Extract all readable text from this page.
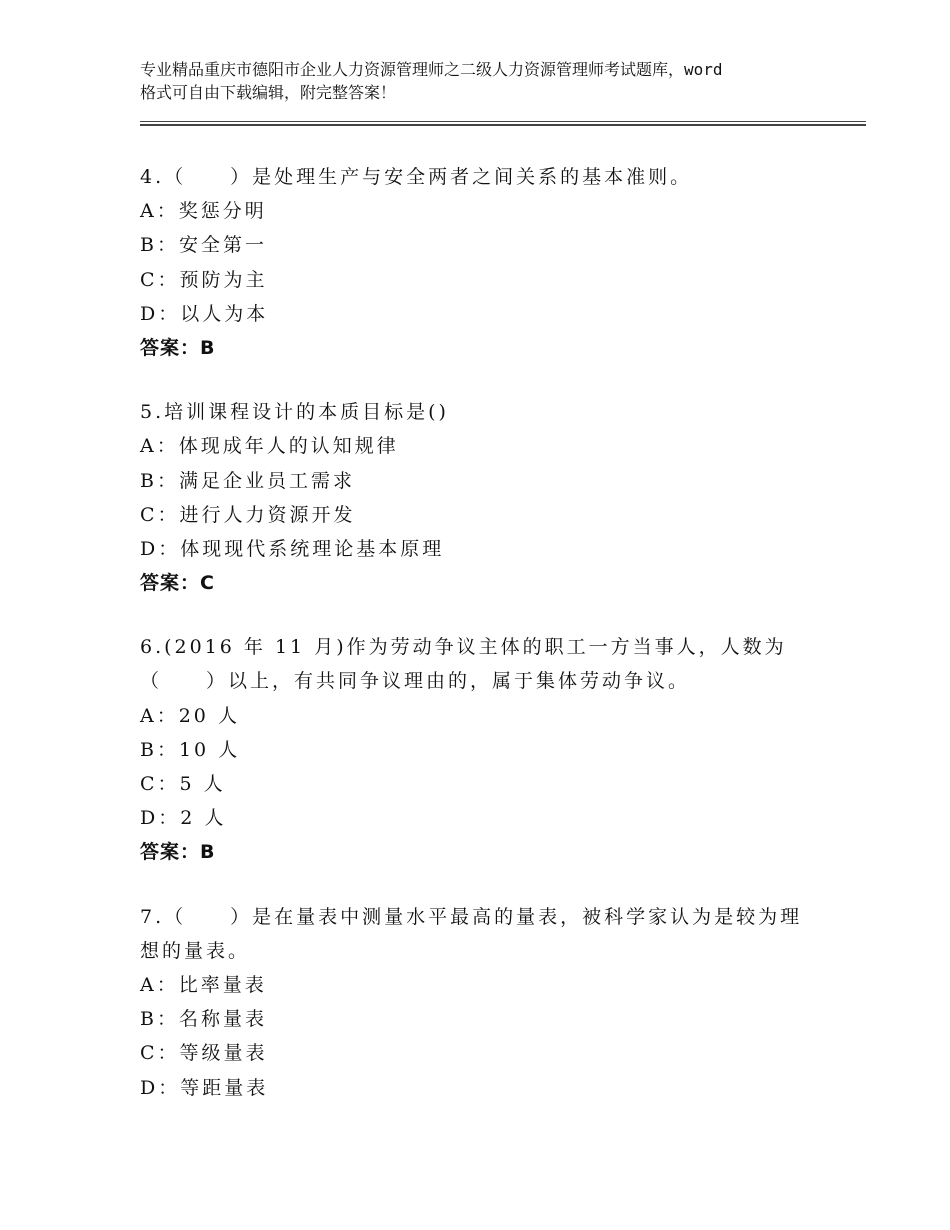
专业精品重庆市德阳市企业人力资源管理师之二级人力资源管理师考试题库，word
格式可自由下载编辑，附完整答案！
4.（　　）是处理生产与安全两者之间关系的基本准则。
A：奖惩分明
B：安全第一
C：预防为主
D：以人为本
答案：B
5.培训课程设计的本质目标是()
A：体现成年人的认知规律
B：满足企业员工需求
C：进行人力资源开发
D：体现现代系统理论基本原理
答案：C
6.(2016 年 11 月)作为劳动争议主体的职工一方当事人，人数为
（　　）以上，有共同争议理由的，属于集体劳动争议。
A：20 人
B：10 人
C：5 人
D：2 人
答案：B
7.（　　）是在量表中测量水平最高的量表，被科学家认为是较为理
想的量表。
A：比率量表
B：名称量表
C：等级量表
D：等距量表
